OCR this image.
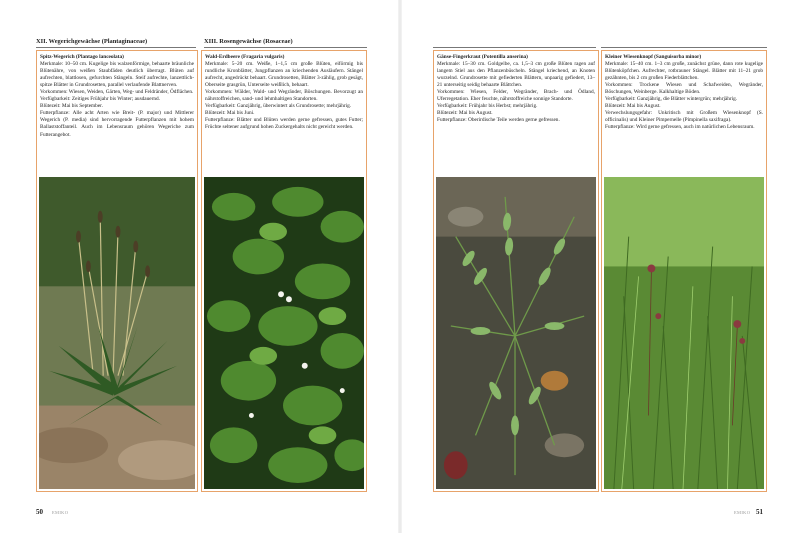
XII. Wegerichgewächse (Plantaginaceae)	XIII. Rosengewächse (Rosaceae)

Spitz-Wegerich (Plantago lanceolata)

Merkmale: 10–50 cm. Kugelige bis walzenförmige, behaarte bräunliche Blütenähre, von weißen Staubfäden deutlich überragt. Blüten auf aufrechten, blattlosen, gefurchten Stängeln. Steif aufrechte, lanzettlich-spitze Blätter in Grundrosetten, parallel verlaufende Blattnerven.

Vorkommen: Wiesen, Weiden, Gärten, Weg- und Feldränder, Ödflächen.

Verfügbarkeit: Zeitiges Frühjahr bis Winter; ausdauernd.

Blütezeit: Mai bis September.

Futterpflanze: Alle acht Arten wie Breit- (P. major) und Mittlerer Wegerich (P. media) sind hervorragende Futterpflanzen mit hohem Ballaststoffanteil. Auch im Lebensraum gehören Wegeriche zum Futterangebot.

Wald-Erdbeere (Fragaria vulgaris)

Merkmale: 5–20 cm. Weiße, 1–1,5 cm große Blüten, eiförmig bis rundliche Kronblätter, Jungpflanzen an kriechenden Ausläufern. Stängel aufrecht, angedrückt behaart. Grundrosetten, Blätter 3-zählig, grob gesägt, Oberseite grasgrün, Unterseite weißlich, behaart.

Vorkommen: Wälder, Wald- und Wegränder, Böschungen. Bevorzugt an nährstoffreichen, sand- und lehmhaltigen Standorten.

Verfügbarkeit: Ganzjährig, überwintert als Grundrosette; mehrjährig.

Blütezeit: Mai bis Juni.

Futterpflanze: Blätter und Blüten werden gerne gefressen, gutes Futter; Früchte seltener aufgrund hohen Zuckergehalts nicht gereicht werden.

50 EMIKO

Gänse-Fingerkraut (Potentilla anserina)

Merkmale: 15–30 cm. Goldgelbe, ca. 1,5–3 cm große Blüten ragen auf langem Stiel aus den Pflanzenbüscheln. Stängel kriechend, an Knoten wurzelnd. Grundrosette mit gefiederten Blättern, unpaarig gefiedert, 13–21 unterseitig seidig behaarte Blättchen.

Vorkommen: Wiesen, Felder, Wegränder, Brach- und Ödland, Uferregetation. Eher feuchte, nährstoffreiche sonnige Standorte.

Verfügbarkeit: Frühjahr bis Herbst; mehrjährig.

Blütezeit: Mai bis August.

Futterpflanze: Oberirdische Teile werden gerne gefressen.

Kleiner Wiesenknopf (Sanguisorba minor)

Merkmale: 15–40 cm. 1–3 cm große, zunächst grüne, dann rote kugelige Blütenköpfchen. Aufrechter, rotbrauner Stängel. Blätter mit 11–21 grob gezähnten, bis 2 cm großen Fiederblättchen.

Vorkommen: Trockene Wiesen und Schafweiden, Wegränder, Böschungen, Weinberge. Kalkhaltige Böden.

Verfügbarkeit: Ganzjährig, die Blätter wintergrün; mehrjährig.

Blütezeit: Mai bis August.

Verwechslungsgefahr: Unkritisch mit Großem Wiesenknopf (S. officinalis) und Kleiner Pimpernelle (Pimpinella saxifraga).

Futterpflanze: Wird gerne gefressen, auch im natürlichen Lebensraum.

EMIKO 51
